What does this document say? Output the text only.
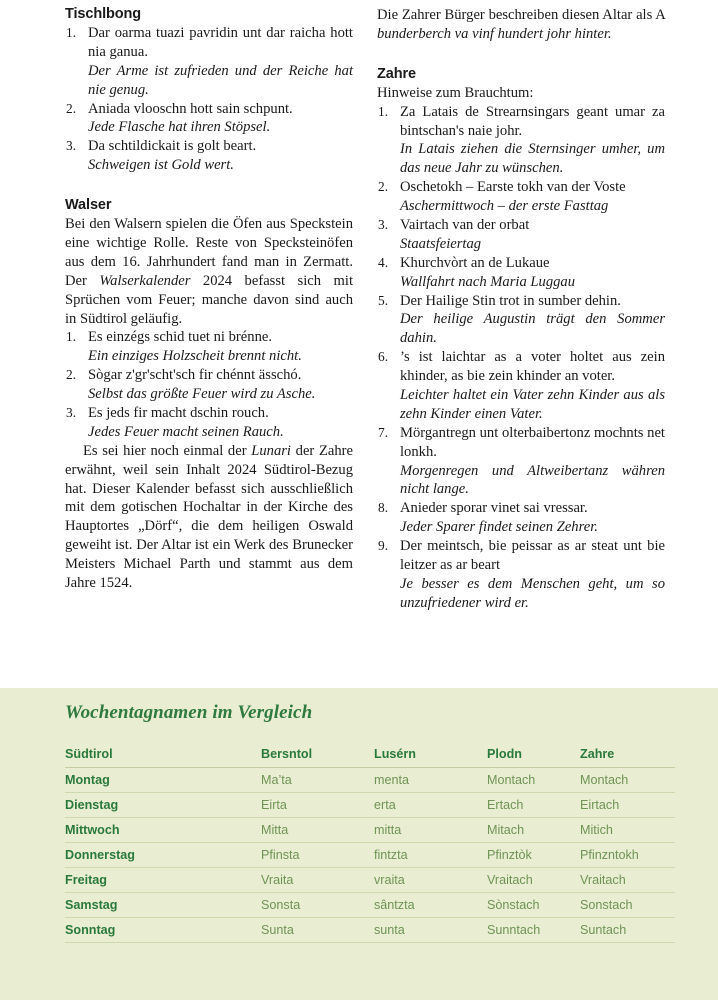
Tischlbong
Dar oarma tuazi pavridin unt dar raicha hott nia ganua.
Der Arme ist zufrieden und der Reiche hat nie genug.
Aniada vlooschn hott sain schpunt.
Jede Flasche hat ihren Stöpsel.
Da schtildickait is golt beart.
Schweigen ist Gold wert.
Walser

Bei den Walsern spielen die Öfen aus Speckstein eine wichtige Rolle. Reste von Specksteinöfen aus dem 16. Jahrhundert fand man in Zermatt. Der Walserkalender 2024 befasst sich mit Sprüchen vom Feuer; manche davon sind auch in Südtirol geläufig.

Es einzégs schid tuet ni brénne.
Ein einziges Holzscheit brennt nicht.
Sògar z'gr'scht'sch fir chénnt ässchó.
Selbst das größte Feuer wird zu Asche.
Es jeds fir macht dschin rouch.
Jedes Feuer macht seinen Rauch.

Es sei hier noch einmal der Lunari der Zahre erwähnt, weil sein Inhalt 2024 Südtirol-Bezug hat. Dieser Kalender befasst sich ausschließlich mit dem gotischen Hochaltar in der Kirche des Hauptortes „Dörf“, die dem heiligen Oswald geweiht ist. Der Altar ist ein Werk des Brunecker Meisters Michael Parth und stammt aus dem Jahre 1524.

Die Zahrer Bürger beschreiben diesen Altar als A bunderberch va vinf hundert johr hinter.

Zahre

Hinweise zum Brauchtum:

Za Latais de Strearnsingars geant umar za bintschan's naie johr.
In Latais ziehen die Sternsinger umher, um das neue Jahr zu wünschen.
Oschetokh – Earste tokh van der Voste
Aschermittwoch – der erste Fasttag
Vairtach van der orbat
Staatsfeiertag
Khurchvòrt an de Lukaue
Wallfahrt nach Maria Luggau
Der Hailige Stin trot in sumber dehin.
Der heilige Augustin trägt den Sommer dahin.
’s ist laichtar as a voter holtet aus zein khinder, as bie zein khinder an voter.
Leichter haltet ein Vater zehn Kinder aus als zehn Kinder einen Vater.
Mörgantregn unt olterbaibertonz mochnts net lonkh.
Morgenregen und Altweibertanz währen nicht lange.
Anieder sporar vinet sai vressar.
Jeder Sparer findet seinen Zehrer.
Der meintsch, bie peissar as ar steat unt bie leitzer as ar beart
Je besser es dem Menschen geht, um so unzufriedener wird er.
Wochentagnamen im Vergleich
Südtirol	Bersntol	Lusérn	Plodn	Zahre
Montag	Ma’ta	menta	Montach	Montach
Dienstag	Eirta	erta	Ertach	Eirtach
Mittwoch	Mitta	mitta	Mitach	Mitich
Donnerstag	Pfinsta	fintzta	Pfinztòk	Pfinzntokh
Freitag	Vraita	vraita	Vraitach	Vraitach
Samstag	Sonsta	sântzta	Sònstach	Sonstach
Sonntag	Sunta	sunta	Sunntach	Suntach
